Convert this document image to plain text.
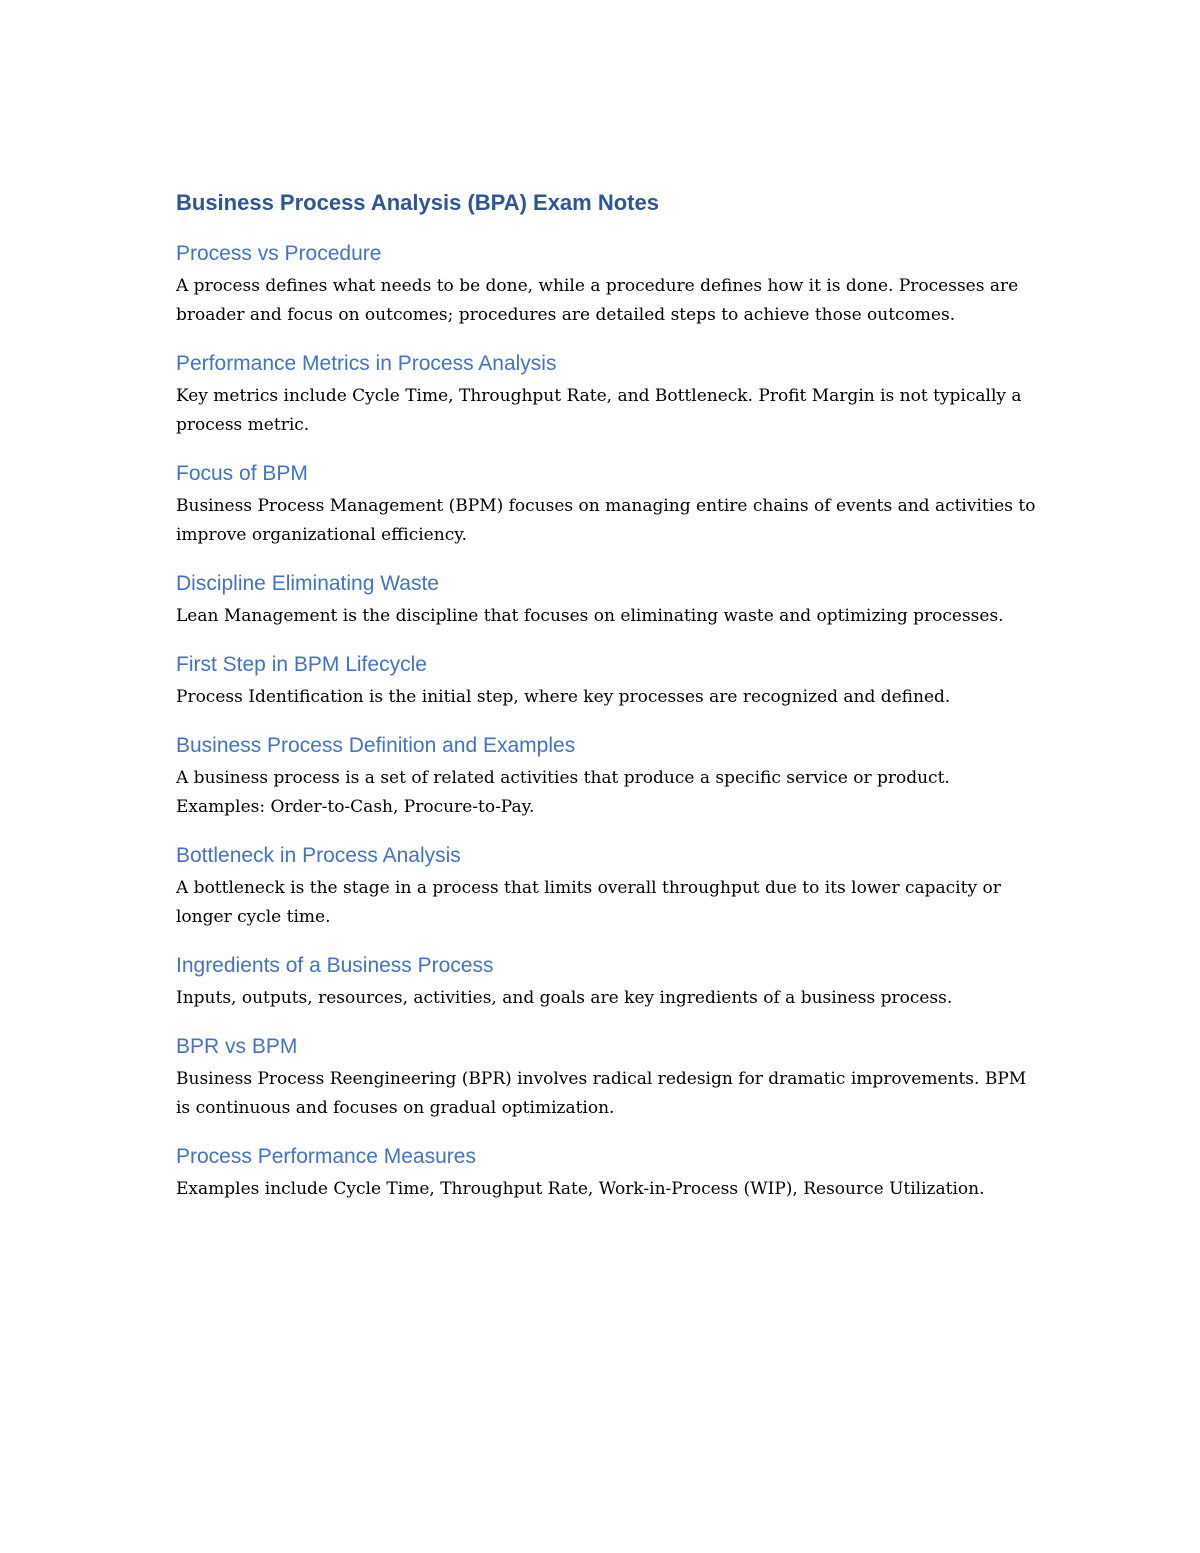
Business Process Analysis (BPA) Exam Notes
Process vs Procedure

A process defines what needs to be done, while a procedure defines how it is done. Processes are broader and focus on outcomes; procedures are detailed steps to achieve those outcomes.

Performance Metrics in Process Analysis

Key metrics include Cycle Time, Throughput Rate, and Bottleneck. Profit Margin is not typically a process metric.

Focus of BPM

Business Process Management (BPM) focuses on managing entire chains of events and activities to improve organizational efficiency.

Discipline Eliminating Waste

Lean Management is the discipline that focuses on eliminating waste and optimizing processes.

First Step in BPM Lifecycle

Process Identification is the initial step, where key processes are recognized and defined.

Business Process Definition and Examples

A business process is a set of related activities that produce a specific service or product. Examples: Order-to-Cash, Procure-to-Pay.

Bottleneck in Process Analysis

A bottleneck is the stage in a process that limits overall throughput due to its lower capacity or longer cycle time.

Ingredients of a Business Process

Inputs, outputs, resources, activities, and goals are key ingredients of a business process.

BPR vs BPM

Business Process Reengineering (BPR) involves radical redesign for dramatic improvements. BPM is continuous and focuses on gradual optimization.

Process Performance Measures

Examples include Cycle Time, Throughput Rate, Work-in-Process (WIP), Resource Utilization.
